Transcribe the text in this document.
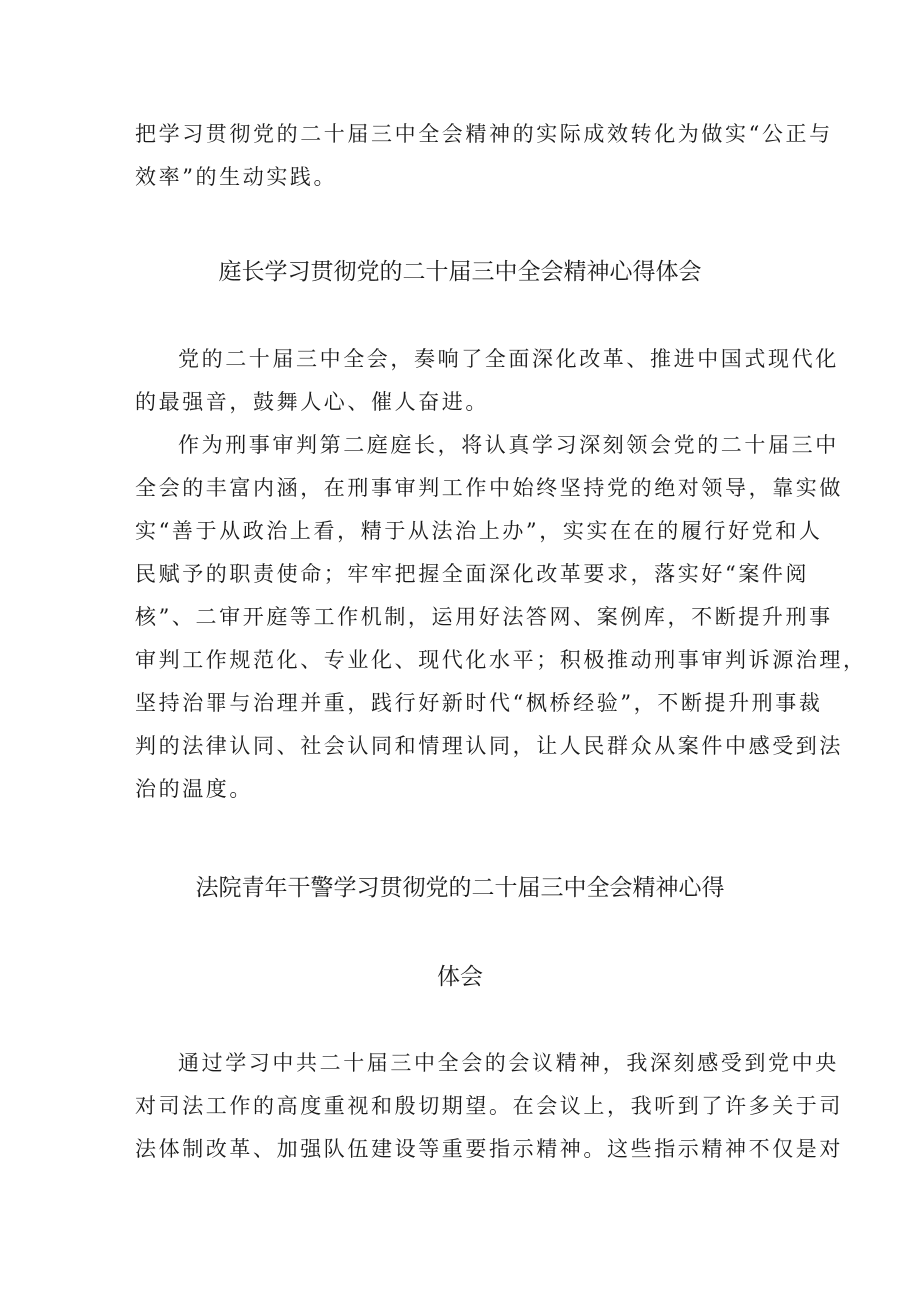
把学习贯彻党的二十届三中全会精神的实际成效转化为做实“公正与
效率”的生动实践。
庭长学习贯彻党的二十届三中全会精神心得体会
党的二十届三中全会，奏响了全面深化改革、推进中国式现代化
的最强音，鼓舞人心、催人奋进。
作为刑事审判第二庭庭长，将认真学习深刻领会党的二十届三中
全会的丰富内涵，在刑事审判工作中始终坚持党的绝对领导，靠实做
实“善于从政治上看，精于从法治上办”，实实在在的履行好党和人
民赋予的职责使命；牢牢把握全面深化改革要求，落实好“案件阅
核”、二审开庭等工作机制，运用好法答网、案例库，不断提升刑事
审判工作规范化、专业化、现代化水平；积极推动刑事审判诉源治理，
坚持治罪与治理并重，践行好新时代“枫桥经验”，不断提升刑事裁
判的法律认同、社会认同和情理认同，让人民群众从案件中感受到法
治的温度。
法院青年干警学习贯彻党的二十届三中全会精神心得
体会
通过学习中共二十届三中全会的会议精神，我深刻感受到党中央
对司法工作的高度重视和殷切期望。在会议上，我听到了许多关于司
法体制改革、加强队伍建设等重要指示精神。这些指示精神不仅是对
